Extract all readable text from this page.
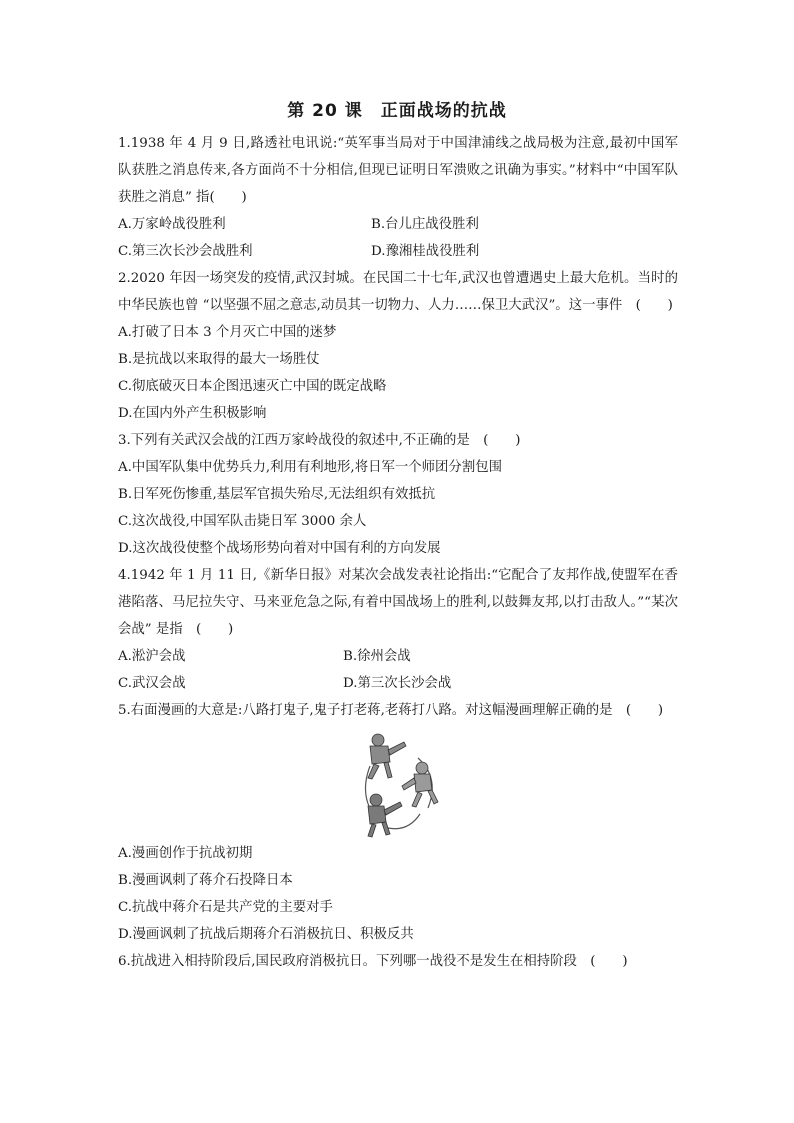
第 20 课　正面战场的抗战

1.1938 年 4 月 9 日,路透社电讯说:“英军事当局对于中国津浦线之战局极为注意,最初中国军队获胜之消息传来,各方面尚不十分相信,但现已证明日军溃败之讯确为事实。”材料中“中国军队获胜之消息” 指(　　)

A.万家岭战役胜利	B.台儿庄战役胜利

C.第三次长沙会战胜利	D.豫湘桂战役胜利

2.2020 年因一场突发的疫情,武汉封城。在民国二十七年,武汉也曾遭遇史上最大危机。当时的中华民族也曾 “以坚强不屈之意志,动员其一切物力、人力……保卫大武汉”。这一事件　(　　)

A.打破了日本 3 个月灭亡中国的迷梦

B.是抗战以来取得的最大一场胜仗

C.彻底破灭日本企图迅速灭亡中国的既定战略

D.在国内外产生积极影响

3.下列有关武汉会战的江西万家岭战役的叙述中,不正确的是　(　　)

A.中国军队集中优势兵力,利用有利地形,将日军一个师团分割包围

B.日军死伤惨重,基层军官损失殆尽,无法组织有效抵抗

C.这次战役,中国军队击毙日军 3000 余人

D.这次战役使整个战场形势向着对中国有利的方向发展

4.1942 年 1 月 11 日,《新华日报》对某次会战发表社论指出:“它配合了友邦作战,使盟军在香港陷落、马尼拉失守、马来亚危急之际,有着中国战场上的胜利,以鼓舞友邦,以打击敌人。”“某次会战” 是指　(　　)

A.淞沪会战	B.徐州会战

C.武汉会战	D.第三次长沙会战

5.右面漫画的大意是:八路打鬼子,鬼子打老蒋,老蒋打八路。对这幅漫画理解正确的是　(　　)

A.漫画创作于抗战初期

B.漫画讽刺了蒋介石投降日本

C.抗战中蒋介石是共产党的主要对手

D.漫画讽刺了抗战后期蒋介石消极抗日、积极反共

6.抗战进入相持阶段后,国民政府消极抗日。下列哪一战役不是发生在相持阶段　(　　)
